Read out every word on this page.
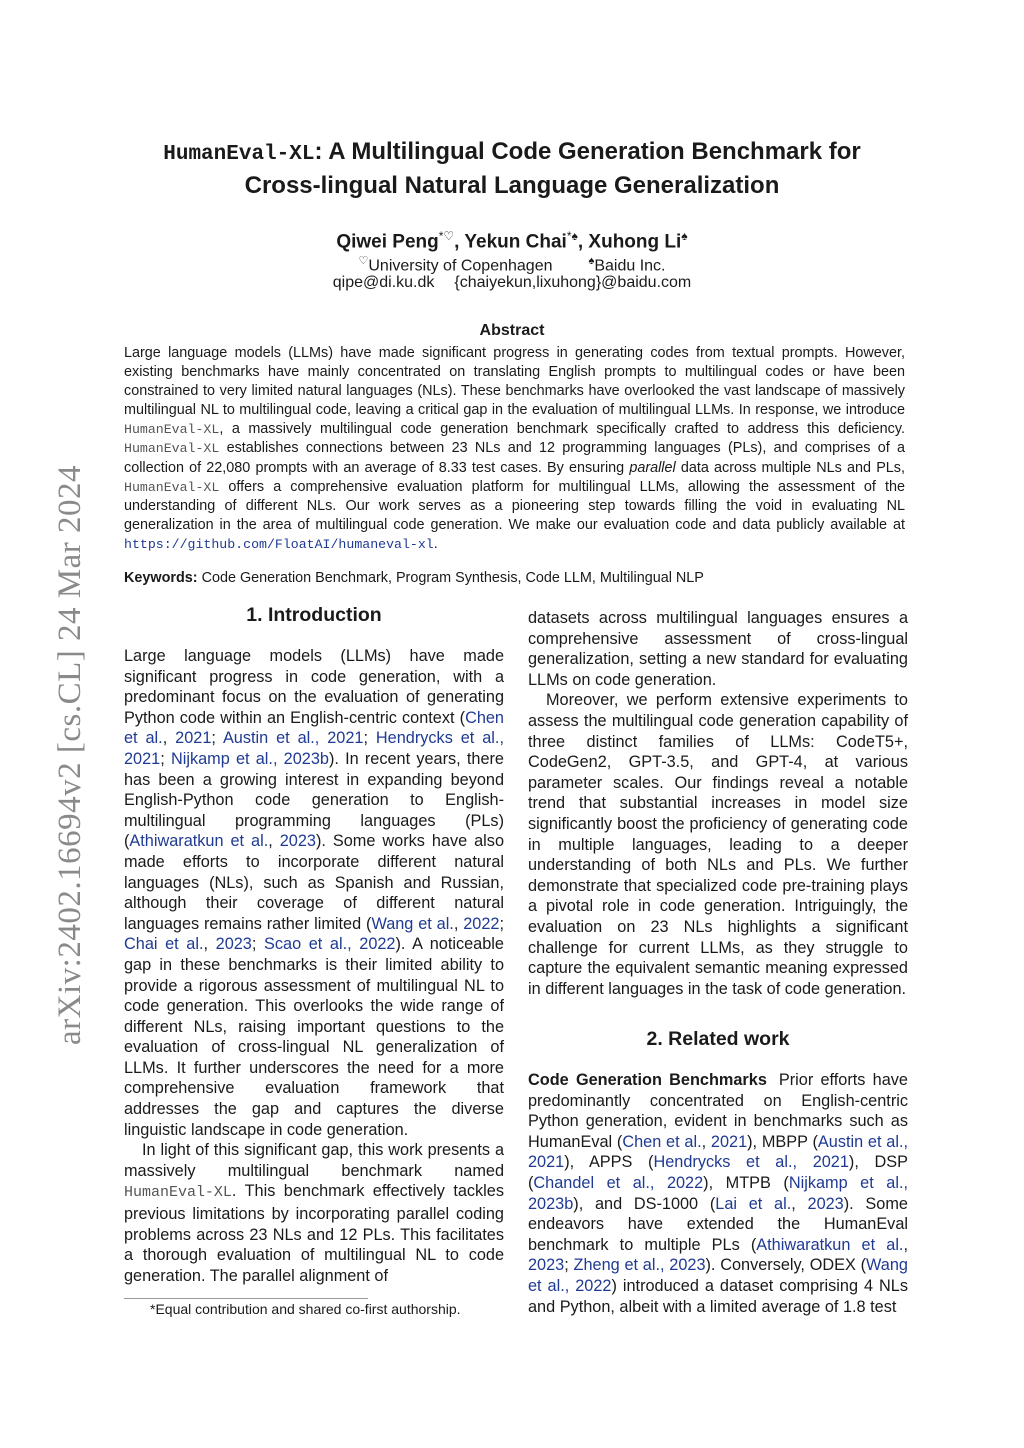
arXiv:2402.16694v2 [cs.CL] 24 Mar 2024
HumanEval-XL: A Multilingual Code Generation Benchmark for
Cross-lingual Natural Language Generalization
Qiwei Peng*♡, Yekun Chai*♠, Xuhong Li♠
♡University of Copenhagen	♠Baidu Inc.
qipe@di.ku.dk {chaiyekun,lixuhong}@baidu.com
Abstract

Large language models (LLMs) have made significant progress in generating codes from textual prompts. However, existing benchmarks have mainly concentrated on translating English prompts to multilingual codes or have been constrained to very limited natural languages (NLs). These benchmarks have overlooked the vast landscape of massively multilingual NL to multilingual code, leaving a critical gap in the evaluation of multilingual LLMs. In response, we introduce HumanEval-XL, a massively multilingual code generation benchmark specifically crafted to address this deficiency. HumanEval-XL establishes connections between 23 NLs and 12 programming languages (PLs), and comprises of a collection of 22,080 prompts with an average of 8.33 test cases. By ensuring parallel data across multiple NLs and PLs, HumanEval-XL offers a comprehensive evaluation platform for multilingual LLMs, allowing the assessment of the understanding of different NLs. Our work serves as a pioneering step towards filling the void in evaluating NL generalization in the area of multilingual code generation. We make our evaluation code and data publicly available at https://github.com/FloatAI/humaneval-xl.

Keywords: Code Generation Benchmark, Program Synthesis, Code LLM, Multilingual NLP

1. Introduction

Large language models (LLMs) have made significant progress in code generation, with a predominant focus on the evaluation of generating Python code within an English-centric context (Chen et al., 2021; Austin et al., 2021; Hendrycks et al., 2021; Nijkamp et al., 2023b). In recent years, there has been a growing interest in expanding beyond English-Python code generation to English-multilingual programming languages (PLs) (Athiwaratkun et al., 2023). Some works have also made efforts to incorporate different natural languages (NLs), such as Spanish and Russian, although their coverage of different natural languages remains rather limited (Wang et al., 2022; Chai et al., 2023; Scao et al., 2022). A noticeable gap in these benchmarks is their limited ability to provide a rigorous assessment of multilingual NL to code generation. This overlooks the wide range of different NLs, raising important questions to the evaluation of cross-lingual NL generalization of LLMs. It further underscores the need for a more comprehensive evaluation framework that addresses the gap and captures the diverse linguistic landscape in code generation.

In light of this significant gap, this work presents a massively multilingual benchmark named HumanEval-XL. This benchmark effectively tackles previous limitations by incorporating parallel coding problems across 23 NLs and 12 PLs. This facilitates a thorough evaluation of multilingual NL to code generation. The parallel alignment of

datasets across multilingual languages ensures a comprehensive assessment of cross-lingual generalization, setting a new standard for evaluating LLMs on code generation.

Moreover, we perform extensive experiments to assess the multilingual code generation capability of three distinct families of LLMs: CodeT5+, CodeGen2, GPT-3.5, and GPT-4, at various parameter scales. Our findings reveal a notable trend that substantial increases in model size significantly boost the proficiency of generating code in multiple languages, leading to a deeper understanding of both NLs and PLs. We further demonstrate that specialized code pre-training plays a pivotal role in code generation. Intriguingly, the evaluation on 23 NLs highlights a significant challenge for current LLMs, as they struggle to capture the equivalent semantic meaning expressed in different languages in the task of code generation.

2. Related work

Code Generation Benchmarks Prior efforts have predominantly concentrated on English-centric Python generation, evident in benchmarks such as HumanEval (Chen et al., 2021), MBPP (Austin et al., 2021), APPS (Hendrycks et al., 2021), DSP (Chandel et al., 2022), MTPB (Nijkamp et al., 2023b), and DS-1000 (Lai et al., 2023). Some endeavors have extended the HumanEval benchmark to multiple PLs (Athiwaratkun et al., 2023; Zheng et al., 2023). Conversely, ODEX (Wang et al., 2022) introduced a dataset comprising 4 NLs and Python, albeit with a limited average of 1.8 test

*Equal contribution and shared co-first authorship.
